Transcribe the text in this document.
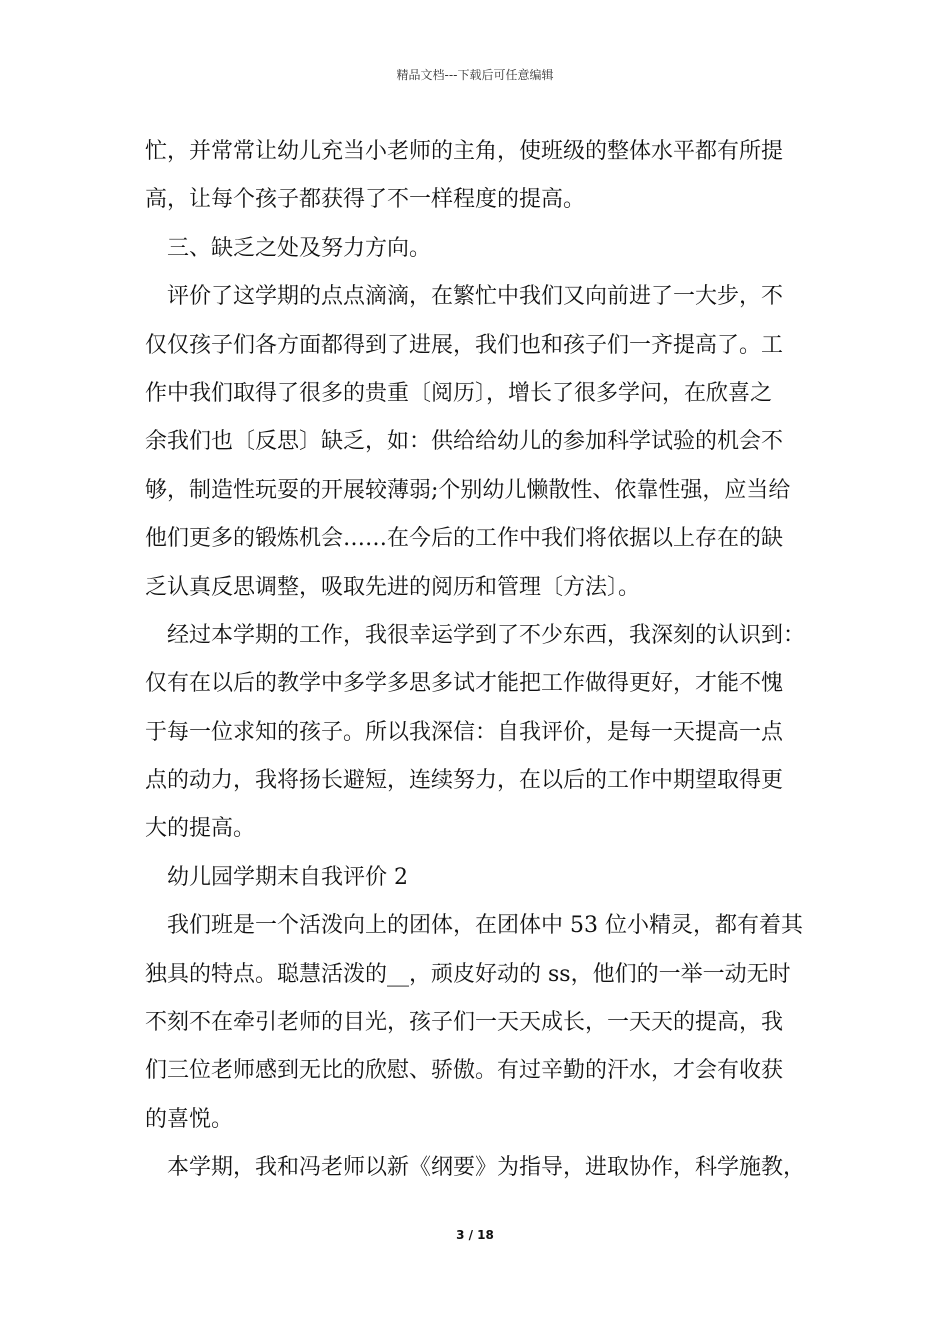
精品文档---下载后可任意编辑
忙，并常常让幼儿充当小老师的主角，使班级的整体水平都有所提
高，让每个孩子都获得了不一样程度的提高。
三、缺乏之处及努力方向。
评价了这学期的点点滴滴，在繁忙中我们又向前进了一大步，不
仅仅孩子们各方面都得到了进展，我们也和孩子们一齐提高了。工
作中我们取得了很多的贵重〔阅历〕，增长了很多学问，在欣喜之
余我们也〔反思〕缺乏，如：供给给幼儿的参加科学试验的机会不
够，制造性玩耍的开展较薄弱;个别幼儿懒散性、依靠性强，应当给
他们更多的锻炼机会……在今后的工作中我们将依据以上存在的缺
乏认真反思调整，吸取先进的阅历和管理〔方法〕。
经过本学期的工作，我很幸运学到了不少东西，我深刻的认识到：
仅有在以后的教学中多学多思多试才能把工作做得更好，才能不愧
于每一位求知的孩子。所以我深信：自我评价，是每一天提高一点
点的动力，我将扬长避短，连续努力，在以后的工作中期望取得更
大的提高。
幼儿园学期末自我评价 2
我们班是一个活泼向上的团体，在团体中 53 位小精灵，都有着其
独具的特点。聪慧活泼的__，顽皮好动的 ss，他们的一举一动无时
不刻不在牵引老师的目光，孩子们一天天成长，一天天的提高，我
们三位老师感到无比的欣慰、骄傲。有过辛勤的汗水，才会有收获
的喜悦。
本学期，我和冯老师以新《纲要》为指导，进取协作，科学施教，
3 / 18
